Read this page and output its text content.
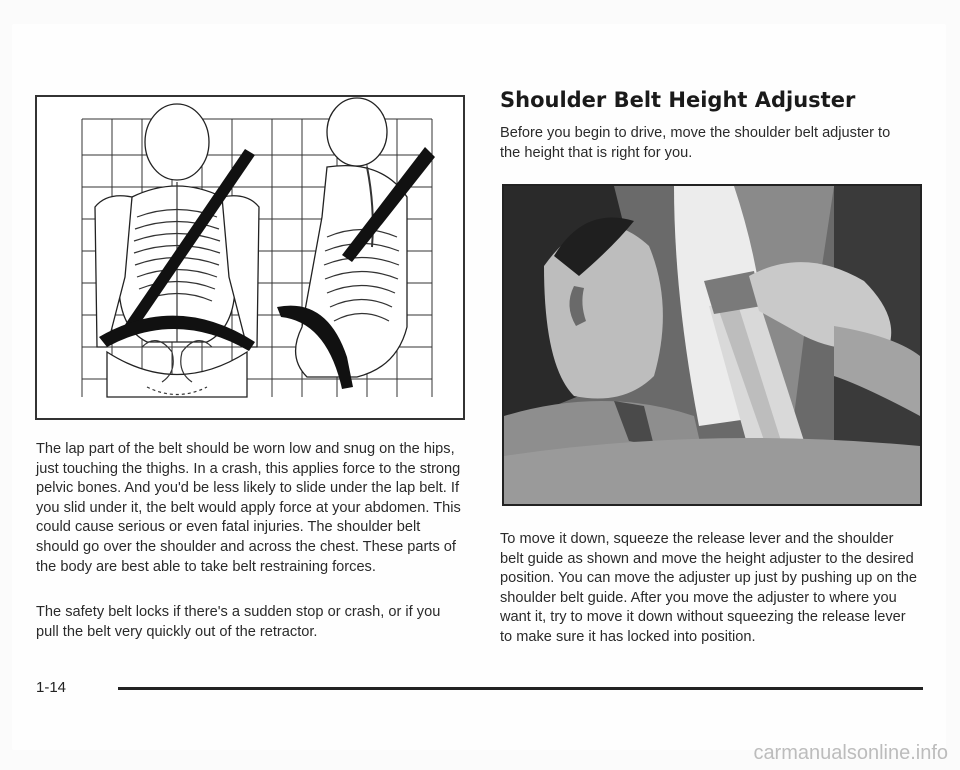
Shoulder Belt Height Adjuster

Before you begin to drive, move the shoulder belt adjuster to the height that is right for you.

The lap part of the belt should be worn low and snug on the hips, just touching the thighs. In a crash, this applies force to the strong pelvic bones. And you'd be less likely to slide under the lap belt. If you slid under it, the belt would apply force at your abdomen. This could cause serious or even fatal injuries. The shoulder belt should go over the shoulder and across the chest. These parts of the body are best able to take belt restraining forces.

The safety belt locks if there's a sudden stop or crash, or if you pull the belt very quickly out of the retractor.

To move it down, squeeze the release lever and the shoulder belt guide as shown and move the height adjuster to the desired position. You can move the adjuster up just by pushing up on the shoulder belt guide. After you move the adjuster to where you want it, try to move it down without squeezing the release lever to make sure it has locked into position.

1-14

carmanualsonline.info
